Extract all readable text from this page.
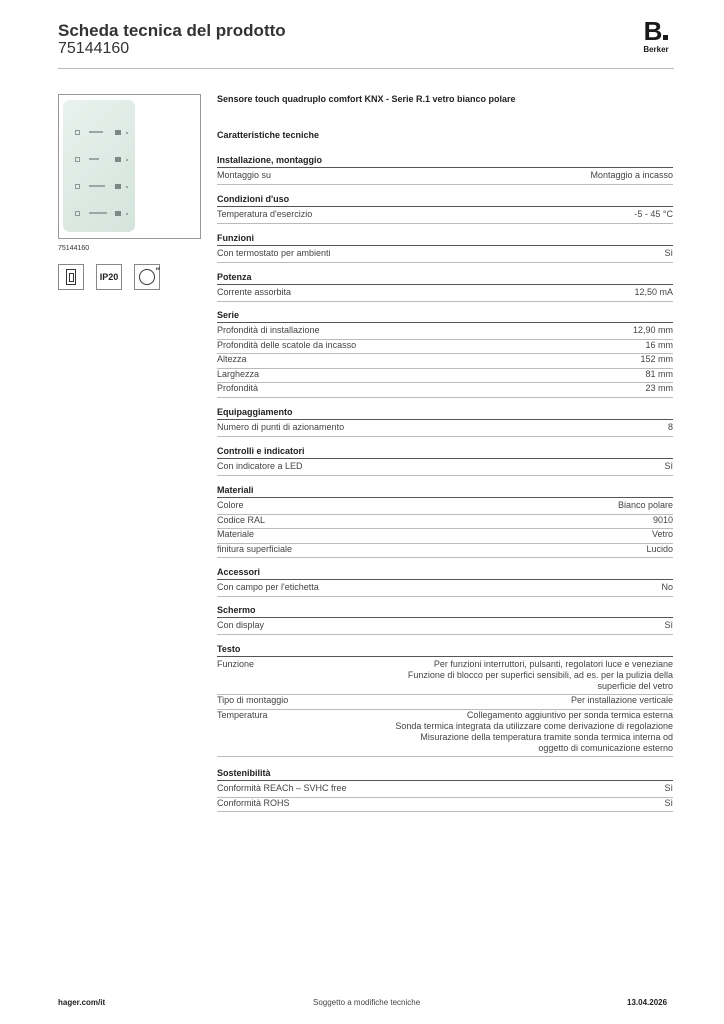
Scheda tecnica del prodotto
75144160
B
Berker
75144160
IP20
″
Sensore touch quadruplo comfort KNX - Serie R.1 vetro bianco polare
Caratteristiche tecniche
Installazione, montaggio
Montaggio su	Montaggio a incasso
Condizioni d'uso
Temperatura d'esercizio	-5 - 45 °C
Funzioni
Con termostato per ambienti	Sì
Potenza
Corrente assorbita	12,50 mA
Serie
Profondità di installazione	12,90 mm
Profondità delle scatole da incasso	16 mm
Altezza	152 mm
Larghezza	81 mm
Profondità	23 mm
Equipaggiamento
Numero di punti di azionamento	8
Controlli e indicatori
Con indicatore a LED	Sì
Materiali
Colore	Bianco polare
Codice RAL	9010
Materiale	Vetro
finitura superficiale	Lucido
Accessori
Con campo per l'etichetta	No
Schermo
Con display	Sì
Testo
Funzione	Per funzioni interruttori, pulsanti, regolatori luce e veneziane
Funzione di blocco per superfici sensibili, ad es. per la pulizia della
superficie del vetro
Tipo di montaggio	Per installazione verticale
Temperatura	Collegamento aggiuntivo per sonda termica esterna
Sonda termica integrata da utilizzare come derivazione di regolazione
Misurazione della temperatura tramite sonda termica interna od
oggetto di comunicazione esterno
Sostenibilità
Conformità REACh – SVHC free	Sì
Conformità ROHS	Sì
hager.com/it	Soggetto a modifiche tecniche	13.04.2026
